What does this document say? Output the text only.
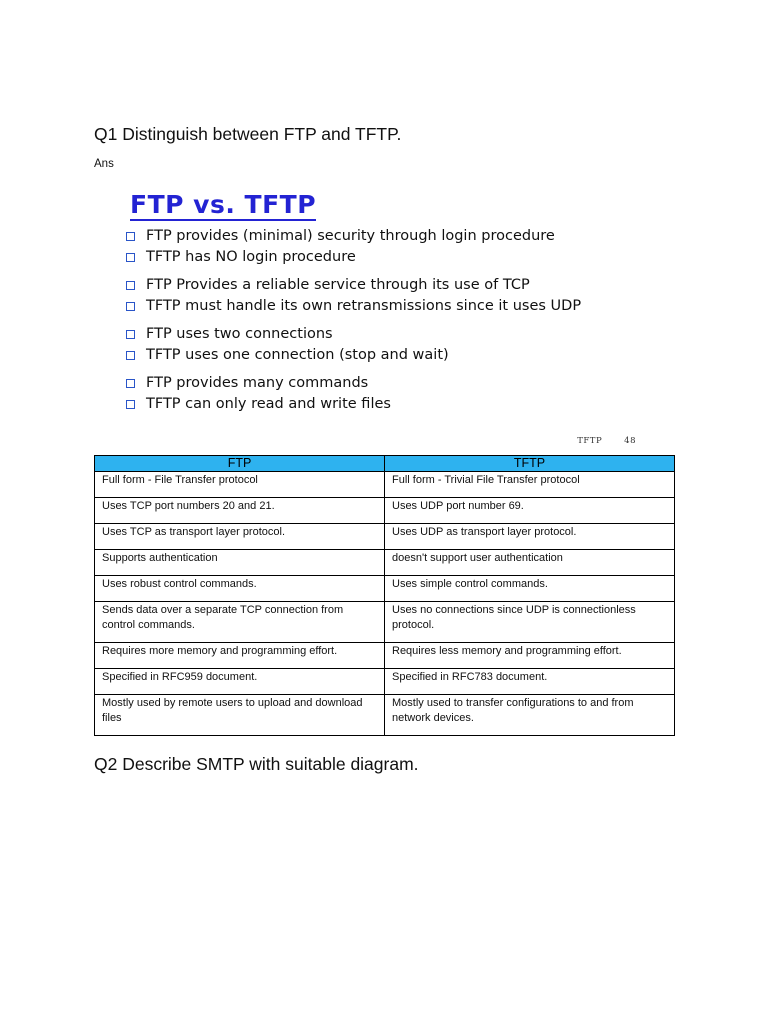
Q1 Distinguish between FTP and TFTP.

Ans

FTP vs. TFTP
FTP provides (minimal) security through login procedure
TFTP has NO login procedure
FTP Provides a reliable service through its use of TCP
TFTP must handle its own retransmissions since it uses UDP
FTP uses two connections
TFTP uses one connection (stop and wait)
FTP provides many commands
TFTP can only read and write files
TFTP	48
FTP	TFTP
Full form - File Transfer protocol	Full form - Trivial File Transfer protocol
Uses TCP port numbers 20 and 21.	Uses UDP port number 69.
Uses TCP as transport layer protocol.	Uses UDP as transport layer protocol.
Supports authentication	doesn't support user authentication
Uses robust control commands.	Uses simple control commands.
Sends data over a separate TCP connection from control commands.	Uses no connections since UDP is connectionless protocol.
Requires more memory and programming effort.	Requires less memory and programming effort.
Specified in RFC959 document.	Specified in RFC783 document.
Mostly used by remote users to upload and download files	Mostly used to transfer configurations to and from network devices.
Q2 Describe SMTP with suitable diagram.
